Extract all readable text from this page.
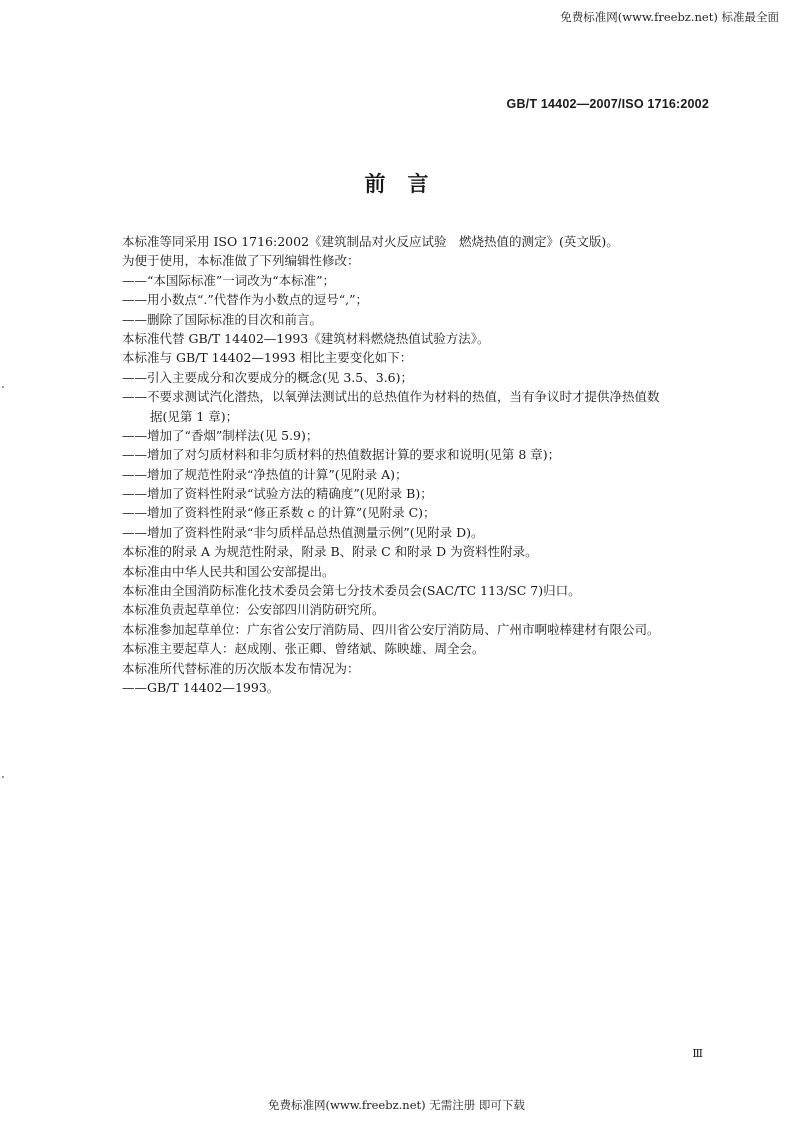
免费标准网(www.freebz.net) 标准最全面
GB/T 14402—2007/ISO 1716:2002
前言
本标准等同采用 ISO 1716:2002《建筑制品对火反应试验　燃烧热值的测定》(英文版)。
为便于使用，本标准做了下列编辑性修改：
——“本国际标准”一词改为“本标准”；
——用小数点“.”代替作为小数点的逗号“,”；
——删除了国际标准的目次和前言。
本标准代替 GB/T 14402—1993《建筑材料燃烧热值试验方法》。
本标准与 GB/T 14402—1993 相比主要变化如下：
——引入主要成分和次要成分的概念(见 3.5、3.6)；
——不要求测试汽化潜热，以氧弹法测试出的总热值作为材料的热值，当有争议时才提供净热值数
据(见第 1 章)；
——增加了“香烟”制样法(见 5.9)；
——增加了对匀质材料和非匀质材料的热值数据计算的要求和说明(见第 8 章)；
——增加了规范性附录“净热值的计算”(见附录 A)；
——增加了资料性附录“试验方法的精确度”(见附录 B)；
——增加了资料性附录“修正系数 c 的计算”(见附录 C)；
——增加了资料性附录“非匀质样品总热值测量示例”(见附录 D)。
本标准的附录 A 为规范性附录，附录 B、附录 C 和附录 D 为资料性附录。
本标准由中华人民共和国公安部提出。
本标准由全国消防标准化技术委员会第七分技术委员会(SAC/TC 113/SC 7)归口。
本标准负责起草单位：公安部四川消防研究所。
本标准参加起草单位：广东省公安厅消防局、四川省公安厅消防局、广州市啊啦棒建材有限公司。
本标准主要起草人：赵成刚、张正卿、曾绪斌、陈映雄、周全会。
本标准所代替标准的历次版本发布情况为：
——GB/T 14402—1993。
Ⅲ
免费标准网(www.freebz.net) 无需注册 即可下载
